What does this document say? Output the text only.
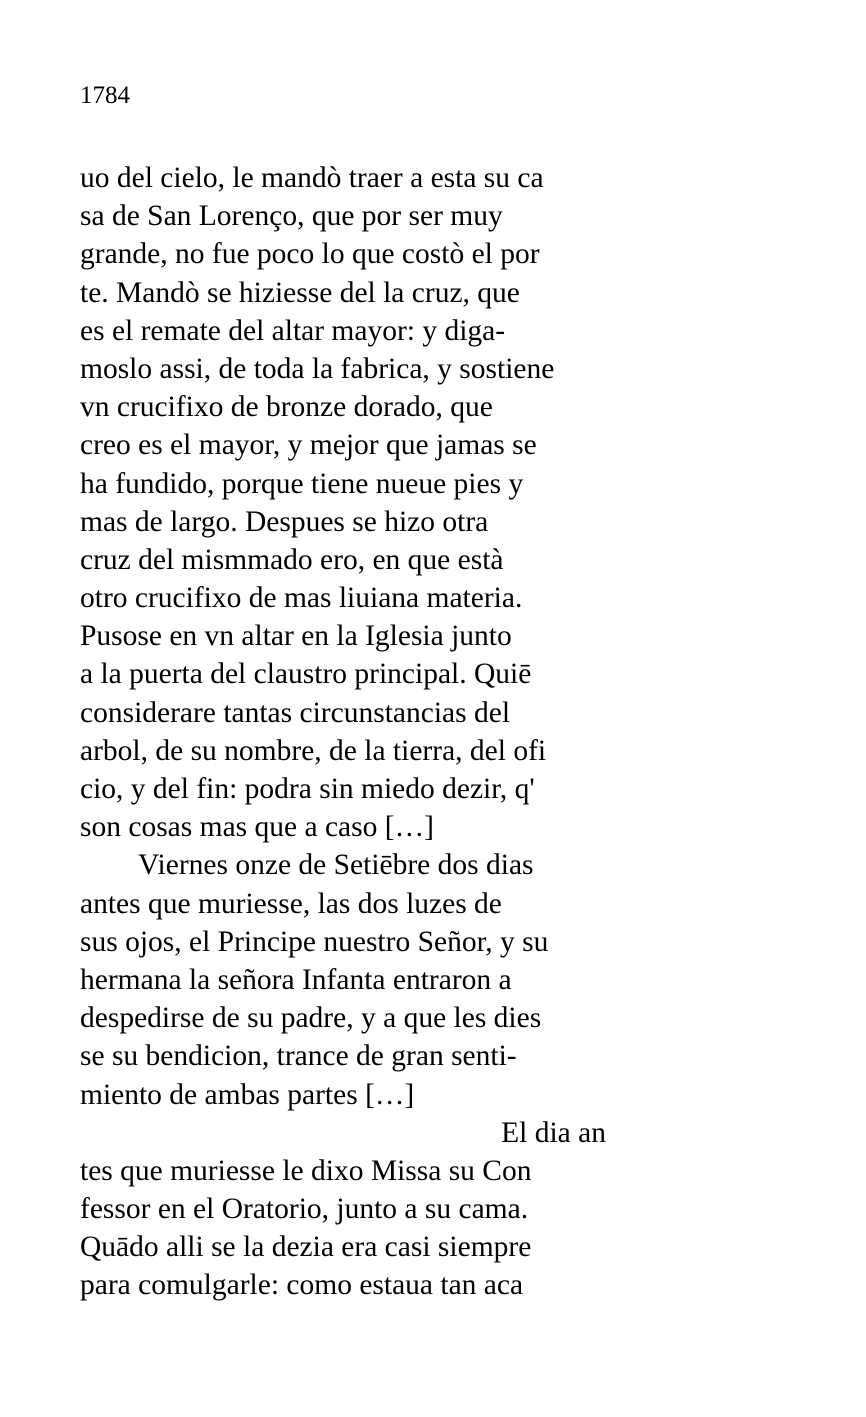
1784
uo del cielo, le mandò traer a esta su ca
sa de San Lorenço, que por ser muy
grande, no fue poco lo que costò el por
te. Mandò se hiziesse del la cruz, que
es el remate del altar mayor: y diga-
moslo assi, de toda la fabrica, y sostiene
vn crucifixo de bronze dorado, que
creo es el mayor, y mejor que jamas se
ha fundido, porque tiene nueue pies y
mas de largo. Despues se hizo otra
cruz del mismmado ero, en que està
otro crucifixo de mas liuiana materia.
Pusose en vn altar en la Iglesia junto
a la puerta del claustro principal. Quiē
considerare tantas circunstancias del
arbol, de su nombre, de la tierra, del ofi
cio, y del fin: podra sin miedo dezir, q'
son cosas mas que a caso […]
Viernes onze de Setiēbre dos dias
antes que muriesse, las dos luzes de
sus ojos, el Principe nuestro Señor, y su
hermana la señora Infanta entraron a
despedirse de su padre, y a que les dies
se su bendicion, trance de gran senti-
miento de ambas partes […]
El dia an
tes que muriesse le dixo Missa su Con
fessor en el Oratorio, junto a su cama.
Quādo alli se la dezia era casi siempre
para comulgarle: como estaua tan aca
